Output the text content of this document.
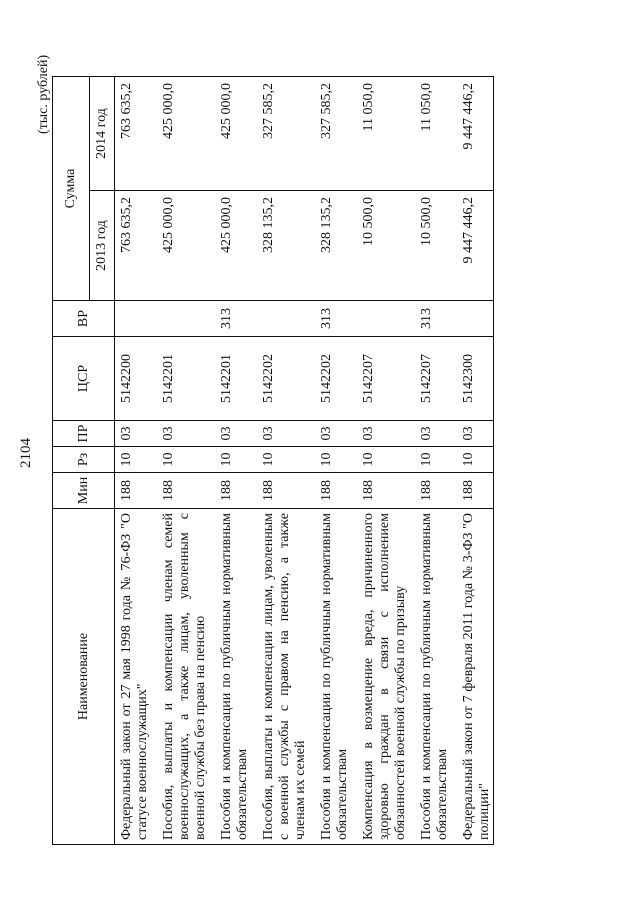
2104
(тыс. рублей)
Наименование	Мин	Рз	ПР	ЦСР	ВР	Сумма	
						2013 год	2014 год
Федеральный закон от 27 мая 1998 года № 76-ФЗ "О статусе военнослужащих"	188	10	03	5142200		763 635,2	763 635,2
Пособия, выплаты и компенсации членам семей военнослужащих, а также лицам, уволенным с военной службы без права на пенсию	188	10	03	5142201		425 000,0	425 000,0
Пособия и компенсации по публичным нормативным обязательствам	188	10	03	5142201	313	425 000,0	425 000,0
Пособия, выплаты и компенсации лицам, уволенным с военной службы с правом на пенсию, а также членам их семей	188	10	03	5142202		328 135,2	327 585,2
Пособия и компенсации по публичным нормативным обязательствам	188	10	03	5142202	313	328 135,2	327 585,2
Компенсация в возмещение вреда, причиненного здоровью граждан в связи с исполнением обязанностей военной службы по призыву	188	10	03	5142207		10 500,0	11 050,0
Пособия и компенсации по публичным нормативным обязательствам	188	10	03	5142207	313	10 500,0	11 050,0
Федеральный закон от 7 февраля 2011 года № 3-ФЗ "О полиции"	188	10	03	5142300		9 447 446,2	9 447 446,2
